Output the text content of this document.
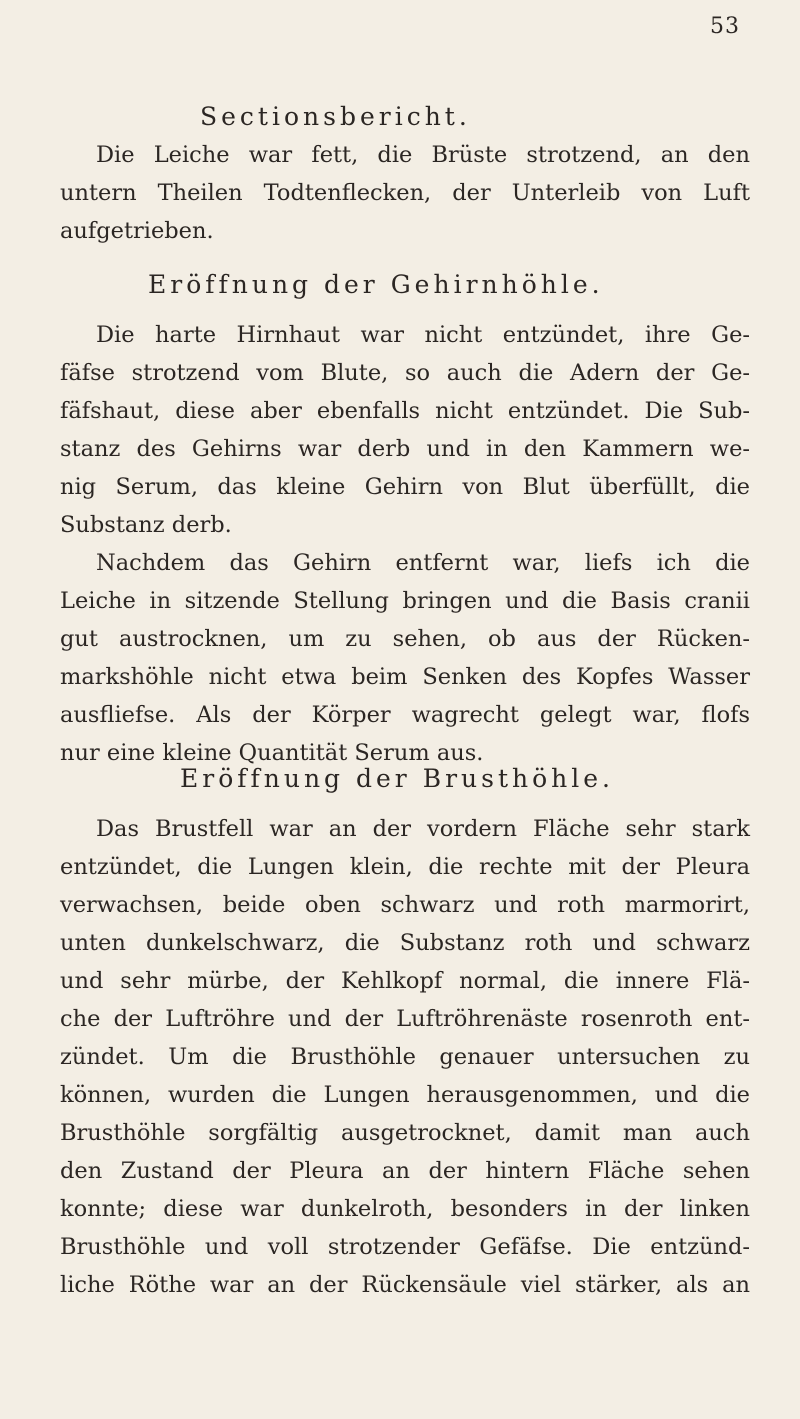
53
Sectionsbericht.
Die Leiche war fett, die Brüste strotzend, an den
untern Theilen Todtenflecken, der Unterleib von Luft
aufgetrieben.
Eröffnung der Gehirnhöhle.
Die harte Hirnhaut war nicht entzündet, ihre Ge-
fäfse strotzend vom Blute, so auch die Adern der Ge-
fäfshaut, diese aber ebenfalls nicht entzündet. Die Sub-
stanz des Gehirns war derb und in den Kammern we-
nig Serum, das kleine Gehirn von Blut überfüllt, die
Substanz derb.
Nachdem das Gehirn entfernt war, liefs ich die
Leiche in sitzende Stellung bringen und die Basis cranii
gut austrocknen, um zu sehen, ob aus der Rücken-
markshöhle nicht etwa beim Senken des Kopfes Wasser
ausfliefse. Als der Körper wagrecht gelegt war, flofs
nur eine kleine Quantität Serum aus.
Eröffnung der Brusthöhle.
Das Brustfell war an der vordern Fläche sehr stark
entzündet, die Lungen klein, die rechte mit der Pleura
verwachsen, beide oben schwarz und roth marmorirt,
unten dunkelschwarz, die Substanz roth und schwarz
und sehr mürbe, der Kehlkopf normal, die innere Flä-
che der Luftröhre und der Luftröhrenäste rosenroth ent-
zündet. Um die Brusthöhle genauer untersuchen zu
können, wurden die Lungen herausgenommen, und die
Brusthöhle sorgfältig ausgetrocknet, damit man auch
den Zustand der Pleura an der hintern Fläche sehen
konnte; diese war dunkelroth, besonders in der linken
Brusthöhle und voll strotzender Gefäfse. Die entzünd-
liche Röthe war an der Rückensäule viel stärker, als an
